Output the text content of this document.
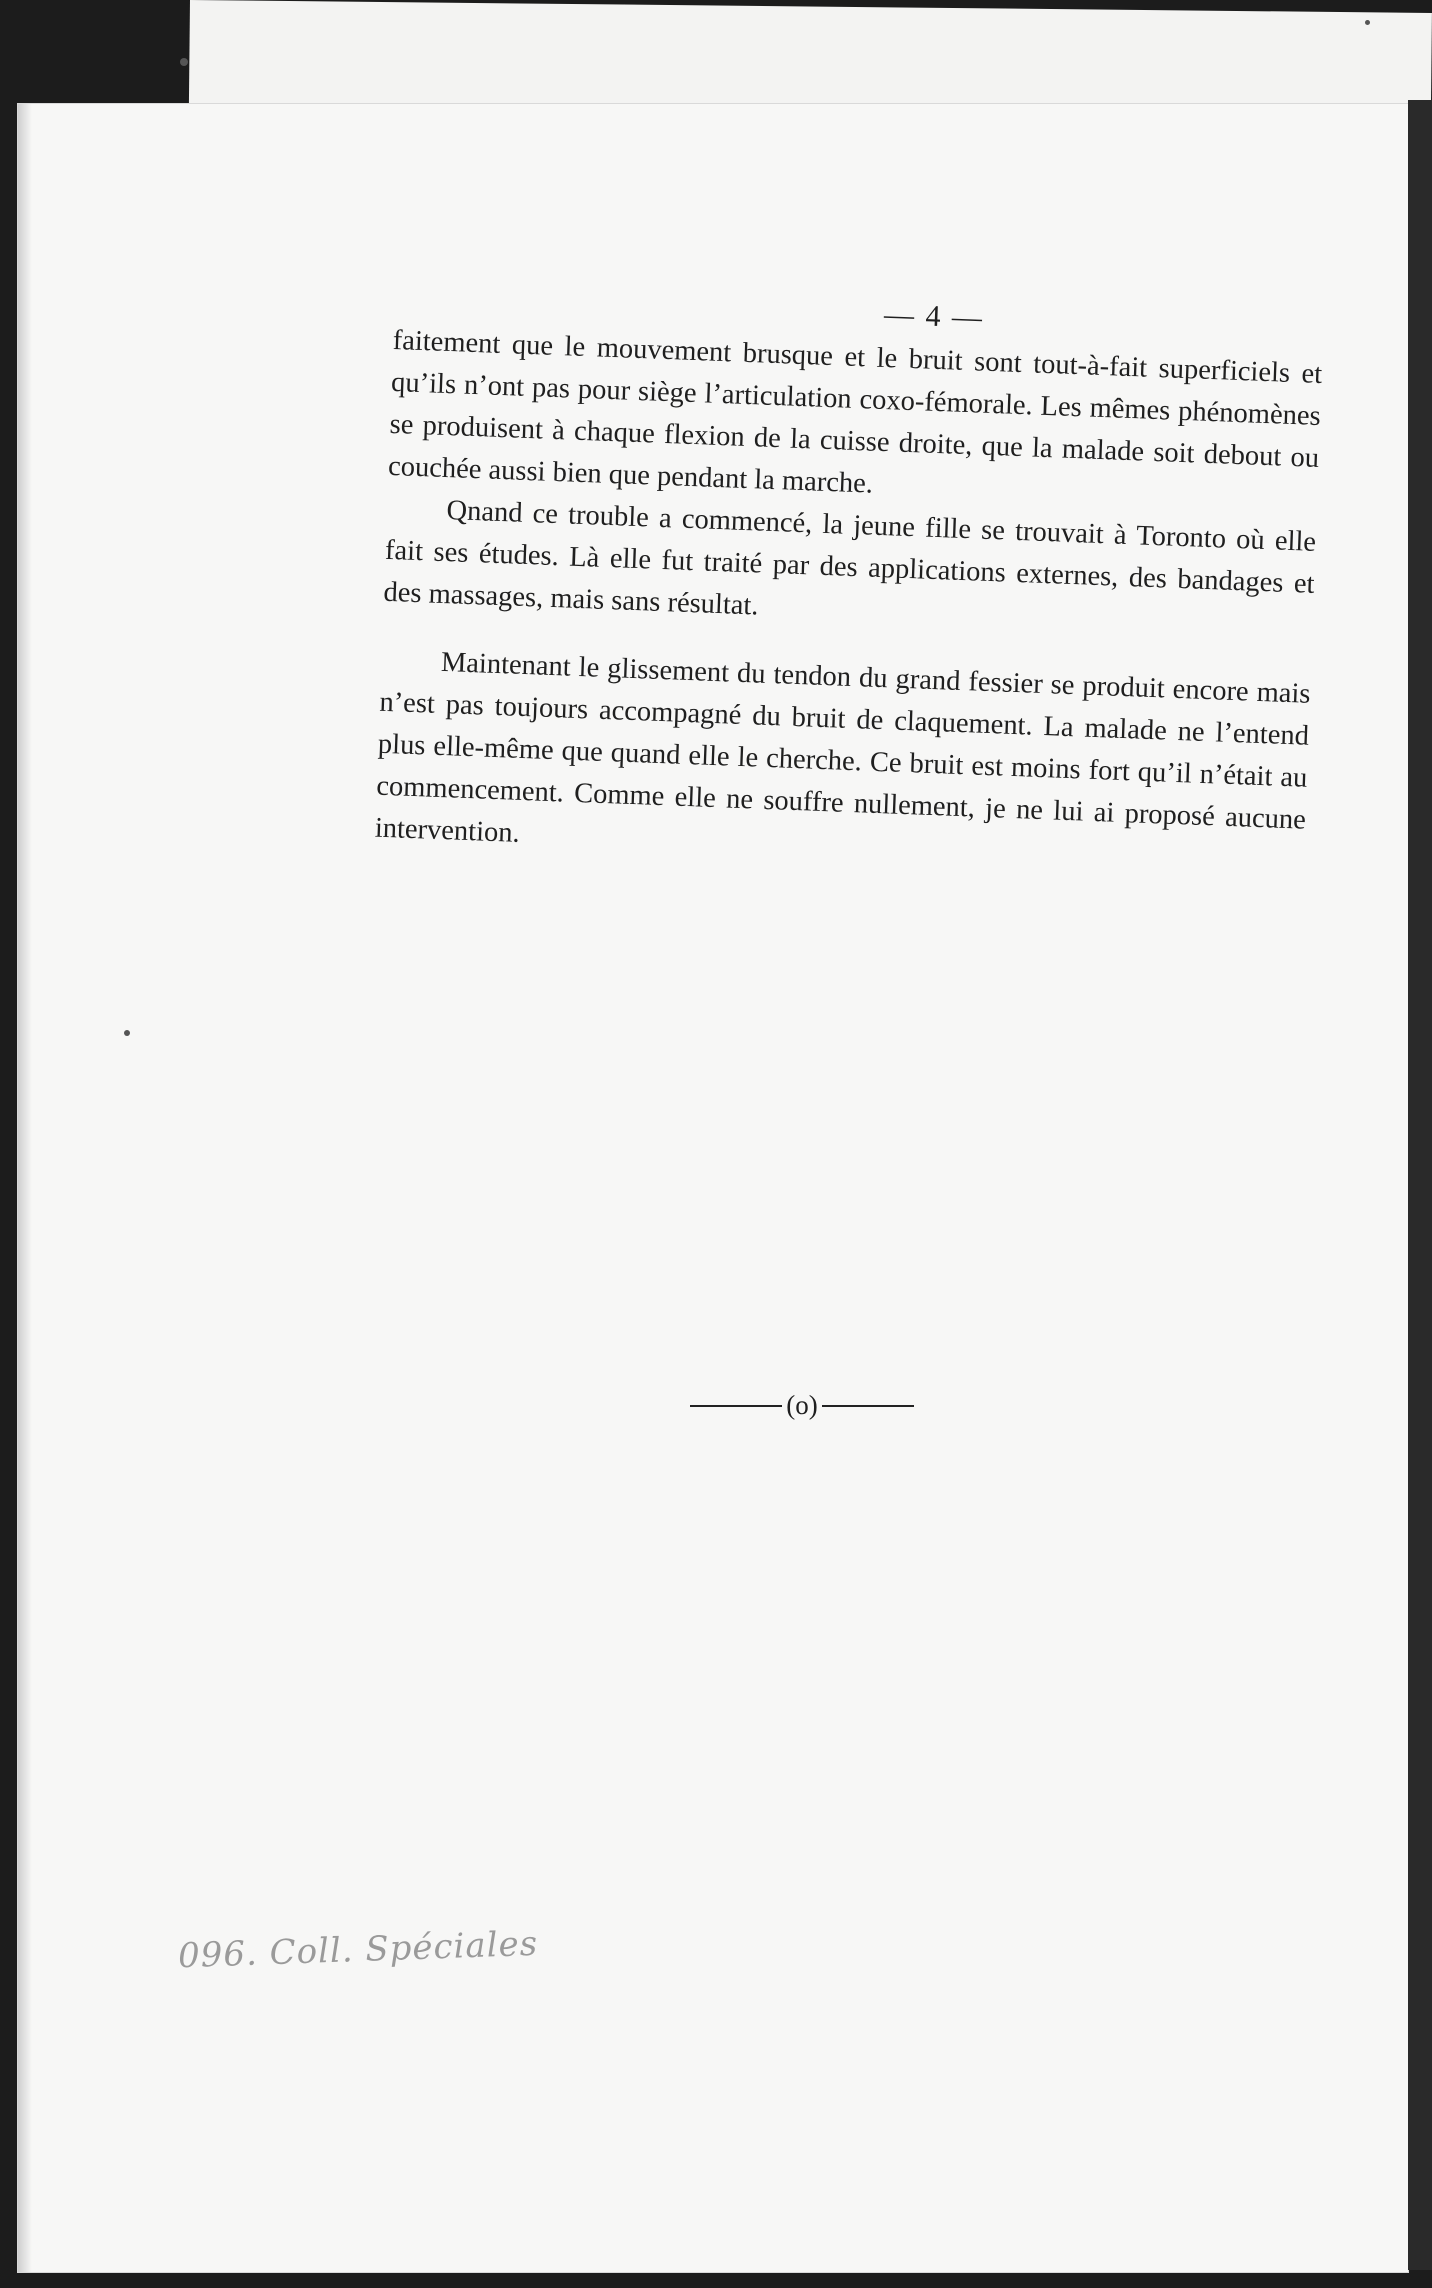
— 4 —

faitement que le mouvement brusque et le bruit sont tout-à-fait superficiels et qu’ils n’ont pas pour siège l’articulation coxo-fémorale. Les mêmes phénomènes se produisent à chaque flexion de la cuisse droite, que la malade soit debout ou couchée aussi bien que pendant la marche.

Qnand ce trouble a commencé, la jeune fille se trouvait à Toronto où elle fait ses études. Là elle fut traité par des applications externes, des bandages et des massages, mais sans résultat.

Maintenant le glissement du tendon du grand fessier se produit encore mais n’est pas toujours accompagné du bruit de claquement. La malade ne l’entend plus elle-même que quand elle le cherche. Ce bruit est moins fort qu’il n’était au commencement. Comme elle ne souffre nullement, je ne lui ai proposé aucune intervention.

(o)
096. Coll. Spéciales
